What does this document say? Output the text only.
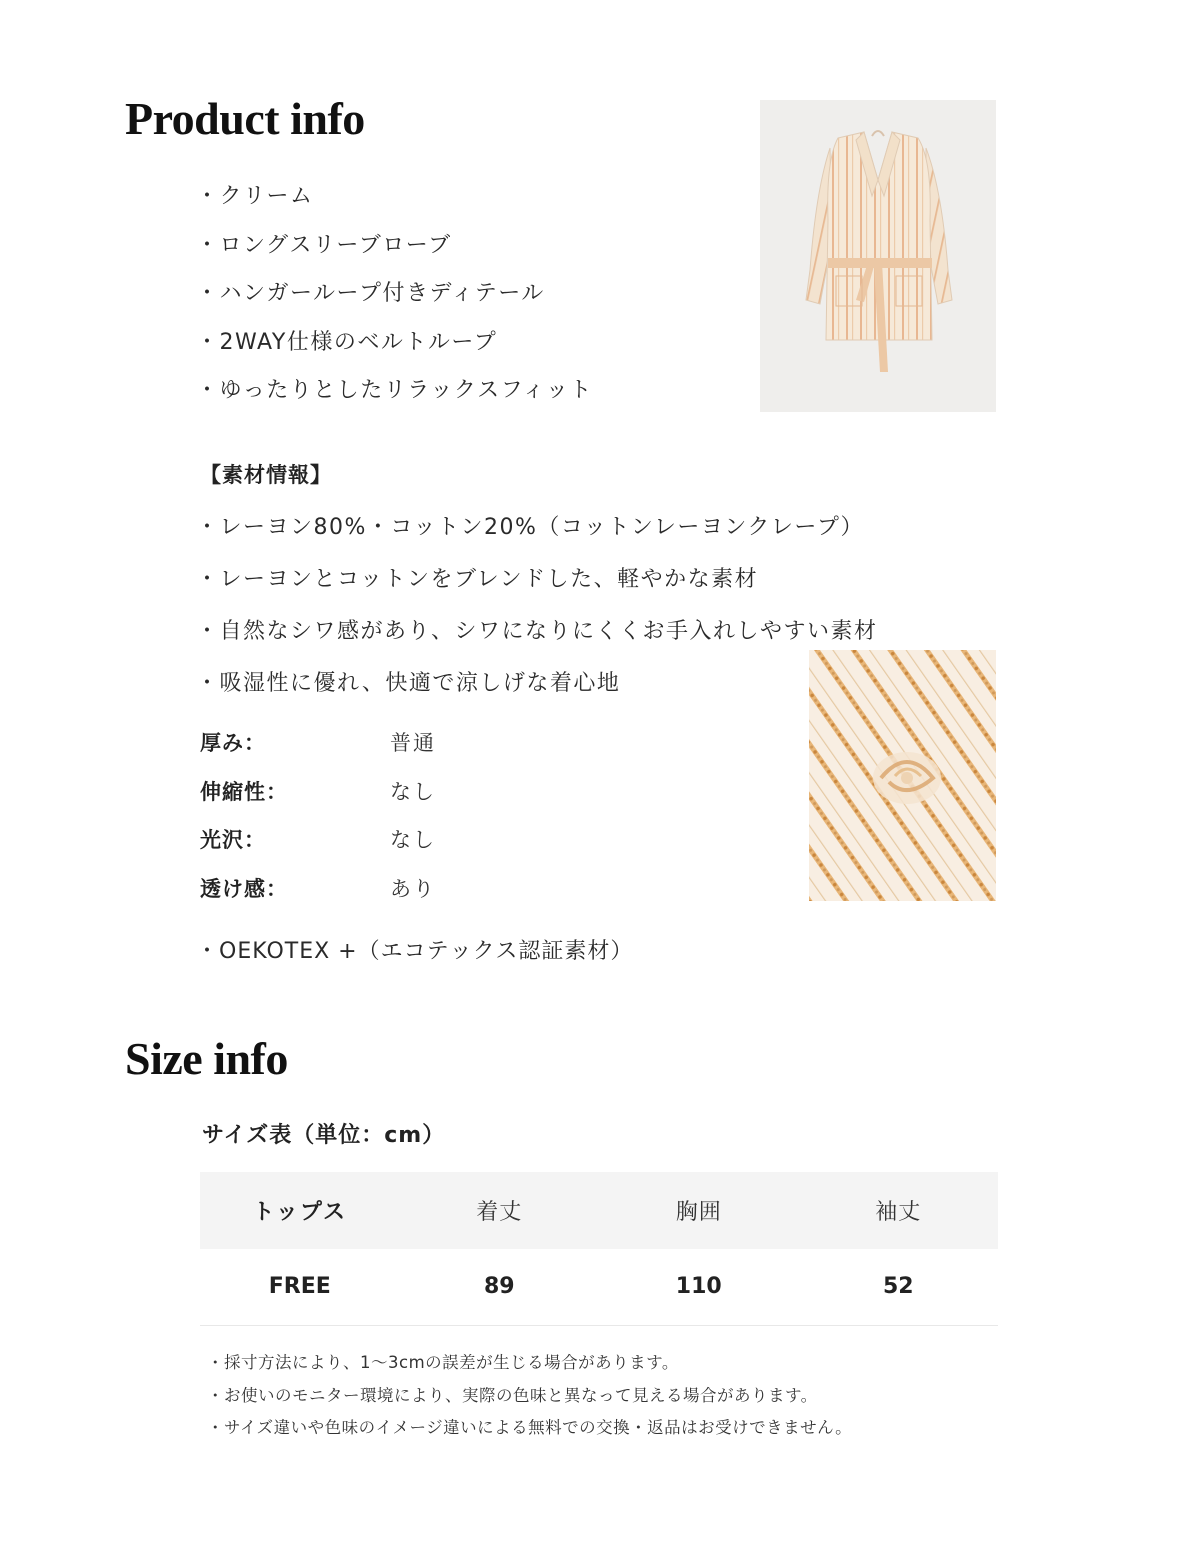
Product info
・クリーム
・ロングスリーブローブ
・ハンガーループ付きディテール
・2WAY仕様のベルトループ
・ゆったりとしたリラックスフィット
【素材情報】
・レーヨン80%・コットン20%（コットンレーヨンクレープ）
・レーヨンとコットンをブレンドした、軽やかな素材
・自然なシワ感があり、シワになりにくくお手入れしやすい素材
・吸湿性に優れ、快適で涼しげな着心地
厚み：	普通
伸縮性：	なし
光沢：	なし
透け感：	あり

・OEKOTEX +（エコテックス認証素材）

Size info
サイズ表（単位：cm）
トップス	着丈	胸囲	袖丈
FREE	89	110	52
・採寸方法により、1〜3cmの誤差が生じる場合があります。
・お使いのモニター環境により、実際の色味と異なって見える場合があります。
・サイズ違いや色味のイメージ違いによる無料での交換・返品はお受けできません。
